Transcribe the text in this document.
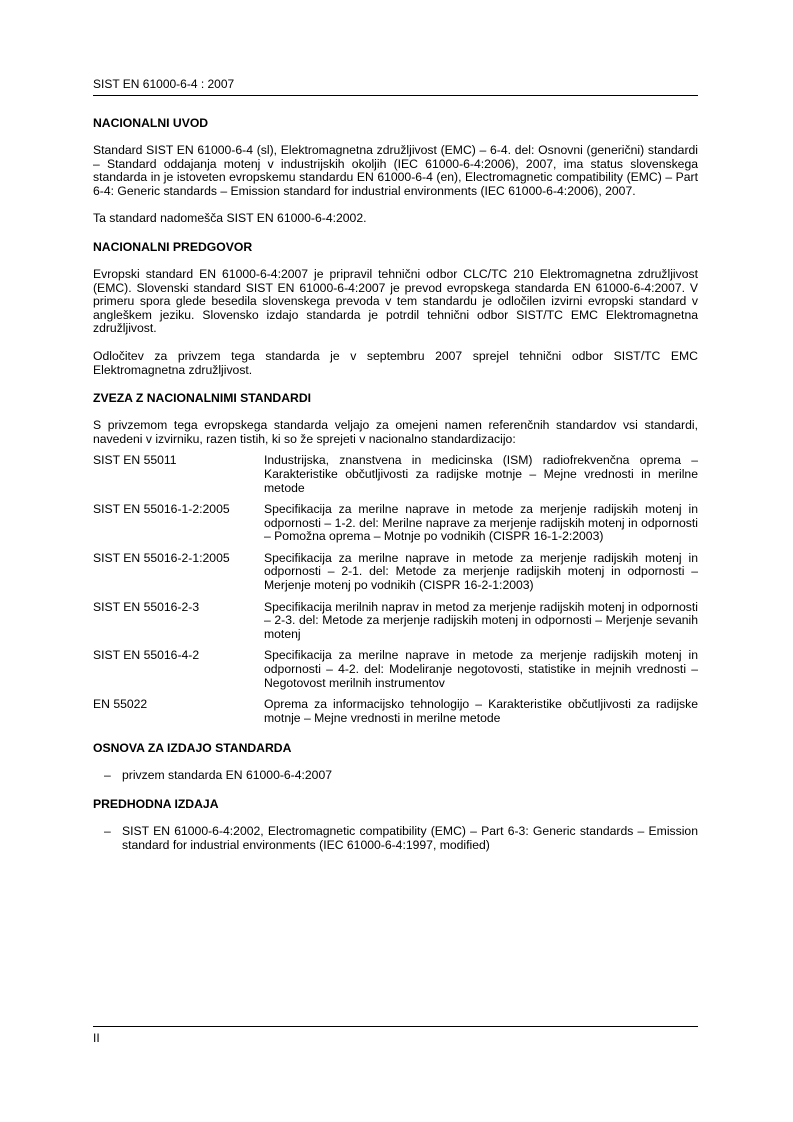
SIST EN 61000-6-4 : 2007
NACIONALNI UVOD

Standard SIST EN 61000-6-4 (sl), Elektromagnetna združljivost (EMC) – 6-4. del: Osnovni (generični) standardi – Standard oddajanja motenj v industrijskih okoljih (IEC 61000-6-4:2006), 2007, ima status slovenskega standarda in je istoveten evropskemu standardu EN 61000-6-4 (en), Electromagnetic compatibility (EMC) – Part 6-4: Generic standards – Emission standard for industrial environments (IEC 61000-6-4:2006), 2007.

Ta standard nadomešča SIST EN 61000-6-4:2002.

NACIONALNI PREDGOVOR

Evropski standard EN 61000-6-4:2007 je pripravil tehnični odbor CLC/TC 210 Elektromagnetna združljivost (EMC). Slovenski standard SIST EN 61000-6-4:2007 je prevod evropskega standarda EN 61000-6-4:2007. V primeru spora glede besedila slovenskega prevoda v tem standardu je odločilen izvirni evropski standard v angleškem jeziku. Slovensko izdajo standarda je potrdil tehnični odbor SIST/TC EMC Elektromagnetna združljivost.

Odločitev za privzem tega standarda je v septembru 2007 sprejel tehnični odbor SIST/TC EMC Elektromagnetna združljivost.

ZVEZA Z NACIONALNIMI STANDARDI

S privzemom tega evropskega standarda veljajo za omejeni namen referenčnih standardov vsi standardi, navedeni v izvirniku, razen tistih, ki so že sprejeti v nacionalno standardizacijo:

SIST EN 55011	Industrijska, znanstvena in medicinska (ISM) radiofrekvenčna oprema – Karakteristike občutljivosti za radijske motnje – Mejne vrednosti in merilne metode
SIST EN 55016-1-2:2005	Specifikacija za merilne naprave in metode za merjenje radijskih motenj in odpornosti – 1-2. del: Merilne naprave za merjenje radijskih motenj in odpornosti – Pomožna oprema – Motnje po vodnikih (CISPR 16-1-2:2003)
SIST EN 55016-2-1:2005	Specifikacija za merilne naprave in metode za merjenje radijskih motenj in odpornosti – 2-1. del: Metode za merjenje radijskih motenj in odpornosti – Merjenje motenj po vodnikih (CISPR 16-2-1:2003)
SIST EN 55016-2-3	Specifikacija merilnih naprav in metod za merjenje radijskih motenj in odpornosti – 2-3. del: Metode za merjenje radijskih motenj in odpornosti – Merjenje sevanih motenj
SIST EN 55016-4-2	Specifikacija za merilne naprave in metode za merjenje radijskih motenj in odpornosti – 4-2. del: Modeliranje negotovosti, statistike in mejnih vrednosti – Negotovost merilnih instrumentov
EN 55022	Oprema za informacijsko tehnologijo – Karakteristike občutljivosti za radijske motnje – Mejne vrednosti in merilne metode
OSNOVA ZA IZDAJO STANDARDA
– privzem standarda EN 61000-6-4:2007
PREDHODNA IZDAJA
– SIST EN 61000-6-4:2002, Electromagnetic compatibility (EMC) – Part 6-3: Generic standards – Emission standard for industrial environments (IEC 61000-6-4:1997, modified)
II
